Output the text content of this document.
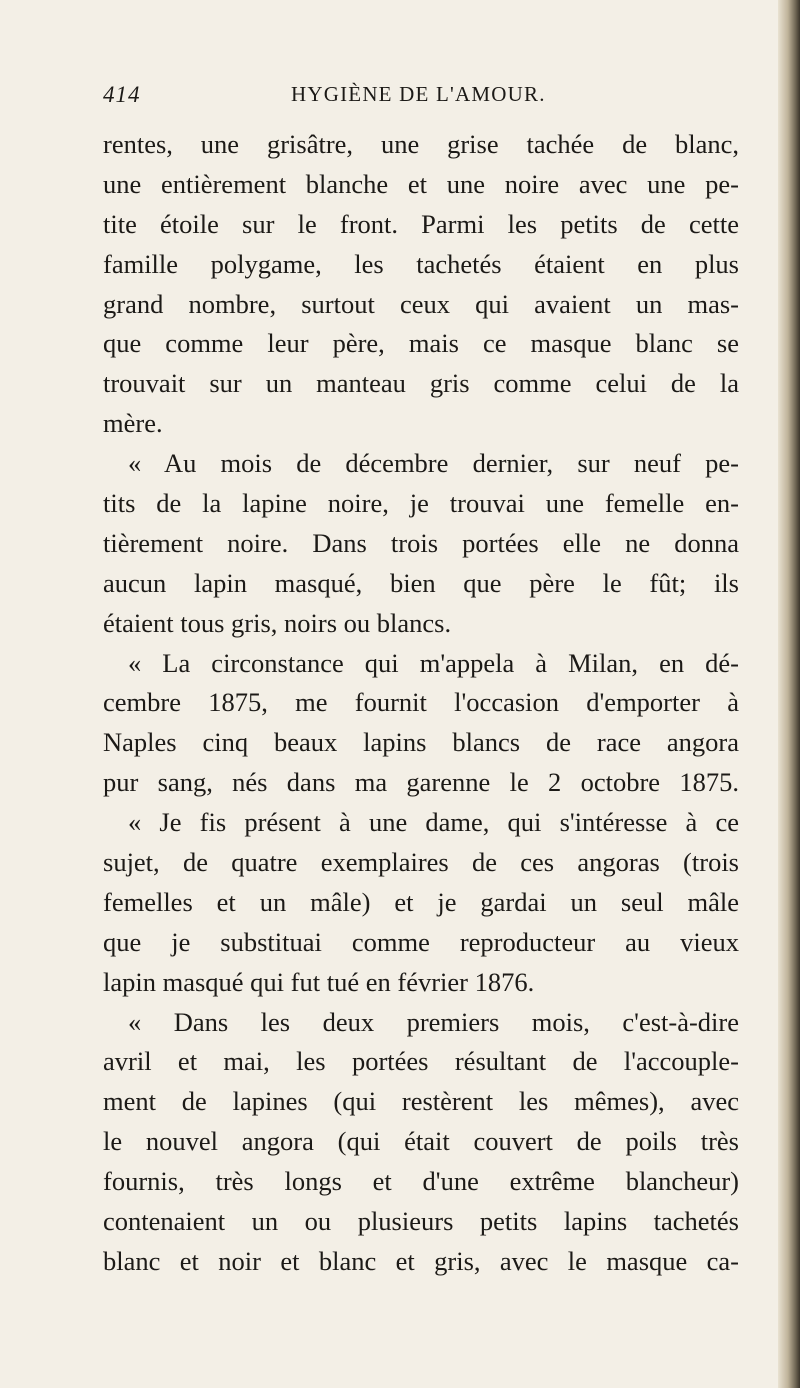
414	HYGIÈNE DE L'AMOUR.
rentes, une grisâtre, une grise tachée de blanc,
une entièrement blanche et une noire avec une pe-
tite étoile sur le front. Parmi les petits de cette
famille polygame, les tachetés étaient en plus
grand nombre, surtout ceux qui avaient un mas-
que comme leur père, mais ce masque blanc se
trouvait sur un manteau gris comme celui de la
mère.
« Au mois de décembre dernier, sur neuf pe-
tits de la lapine noire, je trouvai une femelle en-
tièrement noire. Dans trois portées elle ne donna
aucun lapin masqué, bien que père le fût; ils
étaient tous gris, noirs ou blancs.
« La circonstance qui m'appela à Milan, en dé-
cembre 1875, me fournit l'occasion d'emporter à
Naples cinq beaux lapins blancs de race angora
pur sang, nés dans ma garenne le 2 octobre 1875.
« Je fis présent à une dame, qui s'intéresse à ce
sujet, de quatre exemplaires de ces angoras (trois
femelles et un mâle) et je gardai un seul mâle
que je substituai comme reproducteur au vieux
lapin masqué qui fut tué en février 1876.
« Dans les deux premiers mois, c'est-à-dire
avril et mai, les portées résultant de l'accouple-
ment de lapines (qui restèrent les mêmes), avec
le nouvel angora (qui était couvert de poils très
fournis, très longs et d'une extrême blancheur)
contenaient un ou plusieurs petits lapins tachetés
blanc et noir et blanc et gris, avec le masque ca-
